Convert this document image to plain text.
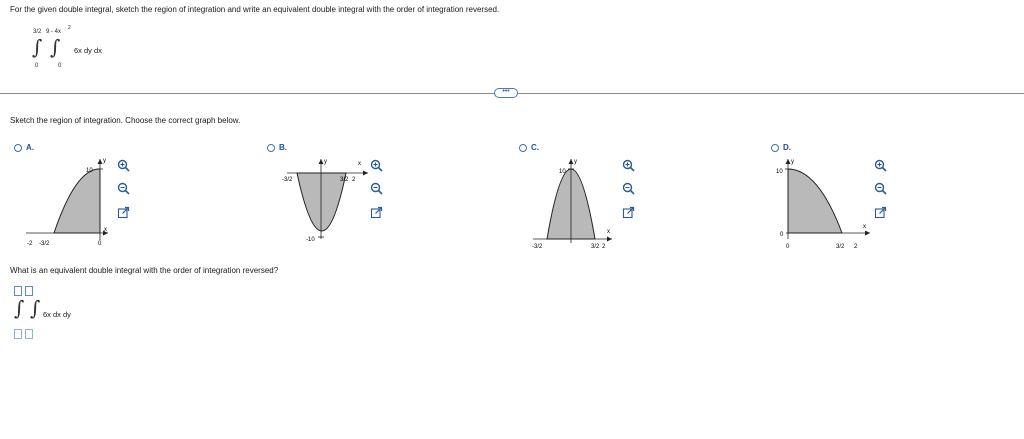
For the given double integral, sketch the region of integration and write an equivalent double integral with the order of integration reversed.
3/2 9 - 4x
2
∫ ∫ 6x dy dx
0	0
•••
Sketch the region of integration. Choose the correct graph below.
A.
10
y
x
-2 -3/2	0
B.
y	x
-3/2	3/2 2
-10
C.
10
y
x
-3/2	3/2 2
D.
10
y
x
0
0	3/2 2
What is an equivalent double integral with the order of integration reversed?
∫ ∫ 6x dx dy
